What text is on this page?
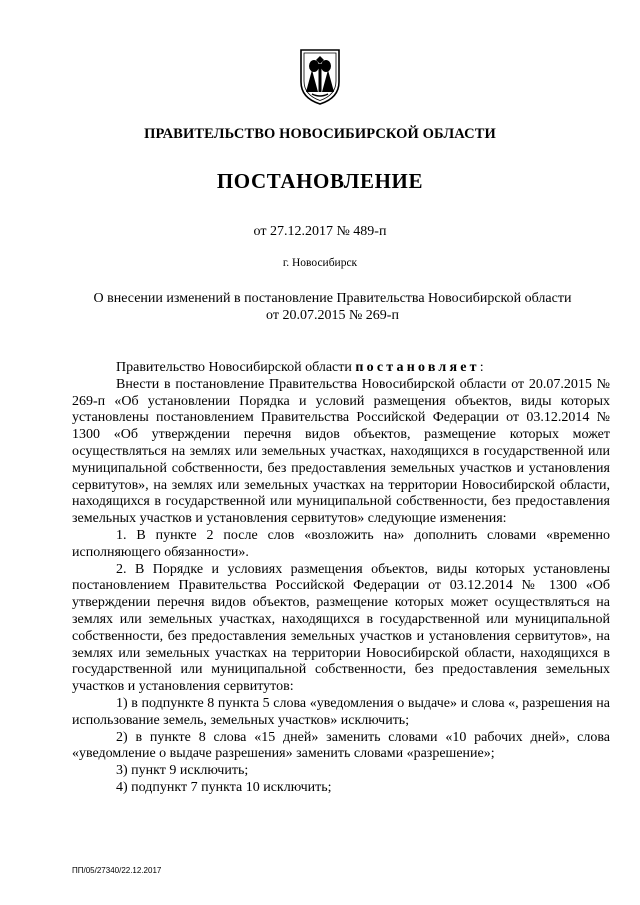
ПРАВИТЕЛЬСТВО НОВОСИБИРСКОЙ ОБЛАСТИ
ПОСТАНОВЛЕНИЕ
от 27.12.2017 № 489-п
г. Новосибирск
О внесении изменений в постановление Правительства Новосибирской области
от 20.07.2015 № 269-п

Правительство Новосибирской области постановляет:

Внести в постановление Правительства Новосибирской области от 20.07.2015 № 269-п «Об установлении Порядка и условий размещения объектов, виды которых установлены постановлением Правительства Российской Федерации от 03.12.2014 № 1300 «Об утверждении перечня видов объектов, размещение которых может осуществляться на землях или земельных участках, находящихся в государственной или муниципальной собственности, без предоставления земельных участков и установления сервитутов», на землях или земельных участках на территории Новосибирской области, находящихся в государственной или муниципальной собственности, без предоставления земельных участков и установления сервитутов» следующие изменения:

1. В пункте 2 после слов «возложить на» дополнить словами «временно исполняющего обязанности».

2. В Порядке и условиях размещения объектов, виды которых установлены постановлением Правительства Российской Федерации от 03.12.2014 № 1300 «Об утверждении перечня видов объектов, размещение которых может осуществляться на землях или земельных участках, находящихся в государственной или муниципальной собственности, без предоставления земельных участков и установления сервитутов», на землях или земельных участках на территории Новосибирской области, находящихся в государственной или муниципальной собственности, без предоставления земельных участков и установления сервитутов:

1) в подпункте 8 пункта 5 слова «уведомления о выдаче» и слова «, разрешения на использование земель, земельных участков» исключить;

2) в пункте 8 слова «15 дней» заменить словами «10 рабочих дней», слова «уведомление о выдаче разрешения» заменить словами «разрешение»;

3) пункт 9 исключить;

4) подпункт 7 пункта 10 исключить;

ПП/05/27340/22.12.2017
